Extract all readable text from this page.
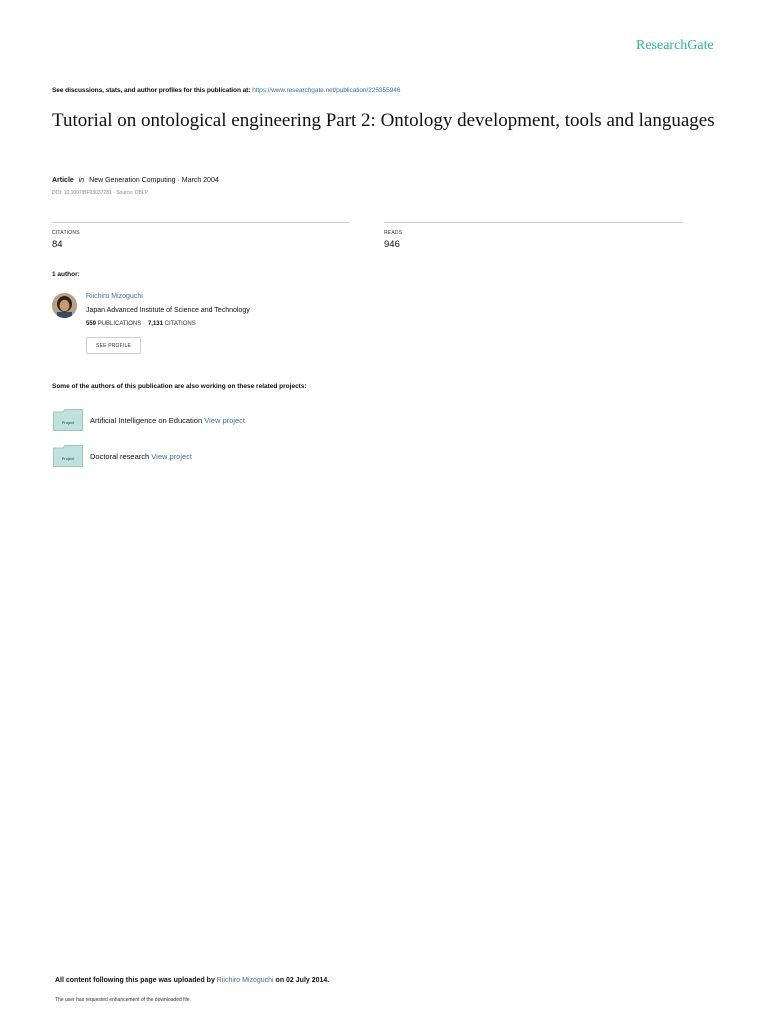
ResearchGate
See discussions, stats, and author profiles for this publication at: https://www.researchgate.net/publication/225355946
Tutorial on ontological engineering Part 2: Ontology development, tools and languages
Article in New Generation Computing · March 2004
DOI: 10.1007/BF03037281 · Source: DBLP
CITATIONS
84
READS
946
1 author:
Riichiro Mizoguchi
Japan Advanced Institute of Science and Technology
559 PUBLICATIONS 7,131 CITATIONS
SEE PROFILE
Some of the authors of this publication are also working on these related projects:
Project Artificial Intelligence on Education View project
Project Doctoral research View project
All content following this page was uploaded by Riichiro Mizoguchi on 02 July 2014.
The user has requested enhancement of the downloaded file.
